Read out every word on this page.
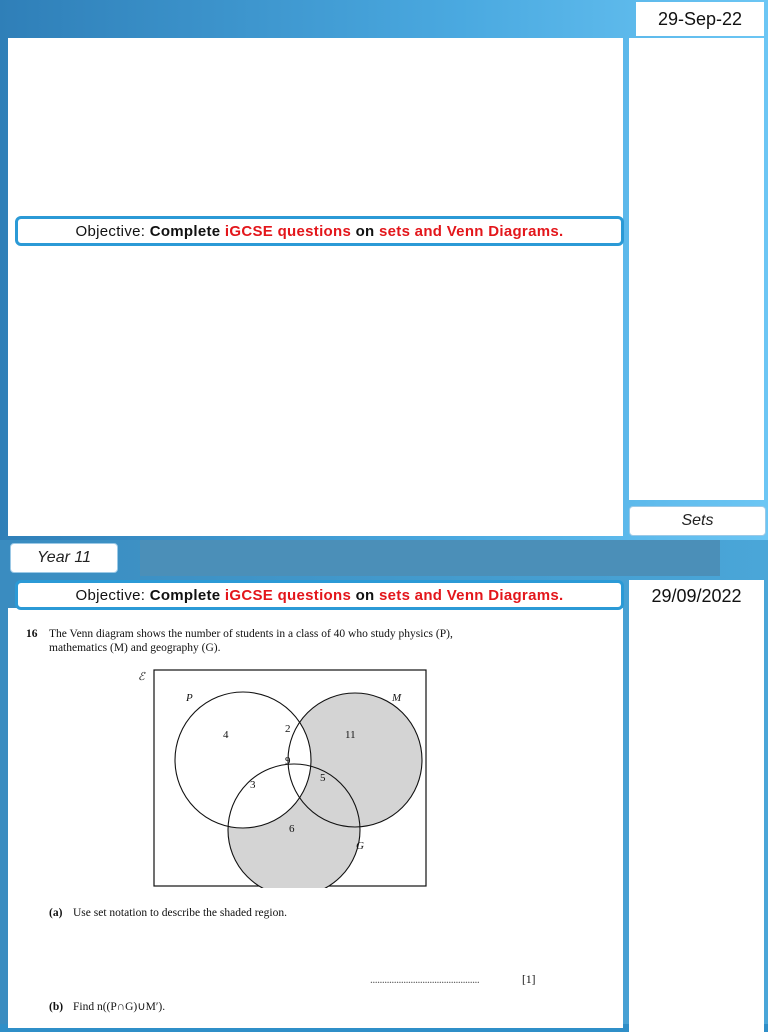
29-Sep-22
Objective:
Complete
iGCSE questions
on
sets and Venn Diagrams.
Sets
Year 11
29/09/2022
Objective:
Complete
iGCSE questions
on
sets and Venn Diagrams.
16 The Venn diagram shows the number of students in a class of 40 who study physics (P),
mathematics (M) and geography (G).
ℰ
P	M
G
4	2	11
9
3
5
6
(a) Use set notation to describe the shaded region.
..............................................	[1]
(b) Find n((P∩G)∪M′).
